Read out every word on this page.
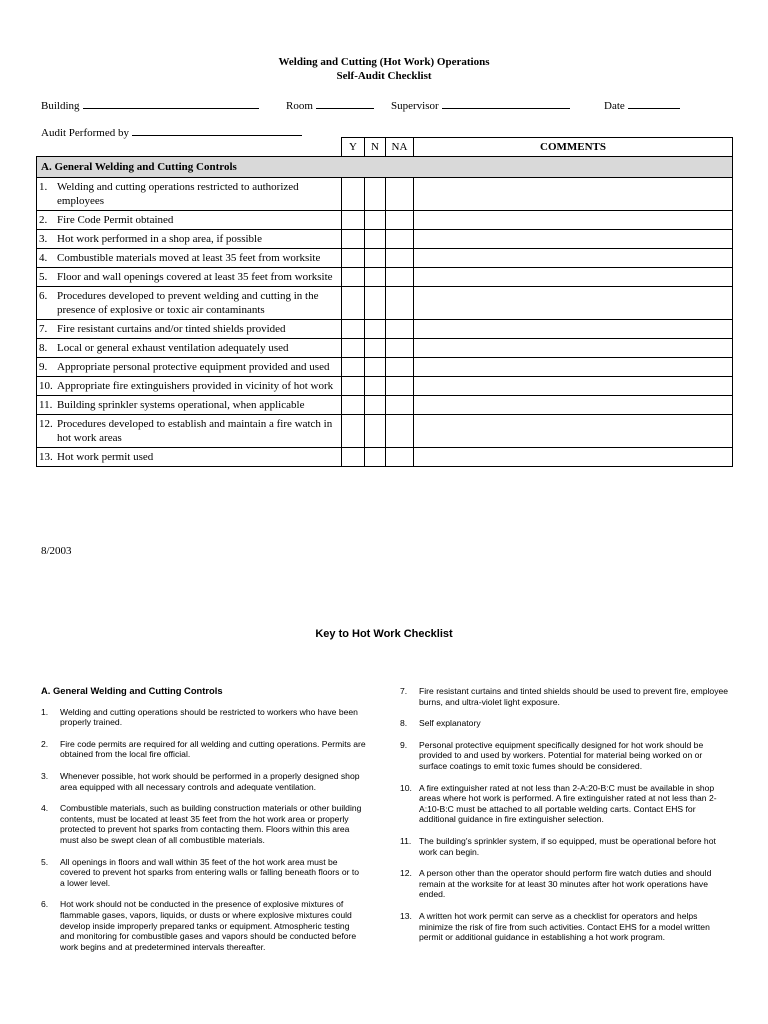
Welding and Cutting (Hot Work) Operations
Self-Audit Checklist
Building	Room	Supervisor	Date
Audit Performed by
	Y	N	NA	COMMENTS
A. General Welding and Cutting Controls				

1. Welding and cutting operations restricted to authorized employees				

2. Fire Code Permit obtained				

3. Hot work performed in a shop area, if possible				

4. Combustible materials moved at least 35 feet from worksite				

5. Floor and wall openings covered at least 35 feet from worksite				

6. Procedures developed to prevent welding and cutting in the presence of explosive or toxic air contaminants				

7. Fire resistant curtains and/or tinted shields provided				

8. Local or general exhaust ventilation adequately used				

9. Appropriate personal protective equipment provided and used				

10. Appropriate fire extinguishers provided in vicinity of hot work				

11. Building sprinkler systems operational, when applicable				

12. Procedures developed to establish and maintain a fire watch in hot work areas				

13. Hot work permit used				

8/2003
Key to Hot Work Checklist
A. General Welding and Cutting Controls
1.	Welding and cutting operations should be restricted to workers who have been properly trained.
2.	Fire code permits are required for all welding and cutting operations. Permits are obtained from the local fire official.
3.	Whenever possible, hot work should be performed in a properly designed shop area equipped with all necessary controls and adequate ventilation.
4.	Combustible materials, such as building construction materials or other building contents, must be located at least 35 feet from the hot work area or properly protected to prevent hot sparks from contacting them. Floors within this area must also be swept clean of all combustible materials.
5.	All openings in floors and wall within 35 feet of the hot work area must be covered to prevent hot sparks from entering walls or falling beneath floors or to a lower level.
6.	Hot work should not be conducted in the presence of explosive mixtures of flammable gases, vapors, liquids, or dusts or where explosive mixtures could develop inside improperly prepared tanks or equipment. Atmospheric testing and monitoring for combustible gases and vapors should be conducted before work begins and at predetermined intervals thereafter.
7.	Fire resistant curtains and tinted shields should be used to prevent fire, employee burns, and ultra-violet light exposure.
8.	Self explanatory
9.	Personal protective equipment specifically designed for hot work should be provided to and used by workers. Potential for material being worked on or surface coatings to emit toxic fumes should be considered.
10. A fire extinguisher rated at not less than 2-A:20-B:C must be available in shop areas where hot work is performed. A fire extinguisher rated at not less than 2-A:10-B:C must be attached to all portable welding carts. Contact EHS for additional guidance in fire extinguisher selection.
11. The building's sprinkler system, if so equipped, must be operational before hot work can begin.
12. A person other than the operator should perform fire watch duties and should remain at the worksite for at least 30 minutes after hot work operations have ended.
13. A written hot work permit can serve as a checklist for operators and helps minimize the risk of fire from such activities. Contact EHS for a model written permit or additional guidance in establishing a hot work program.
